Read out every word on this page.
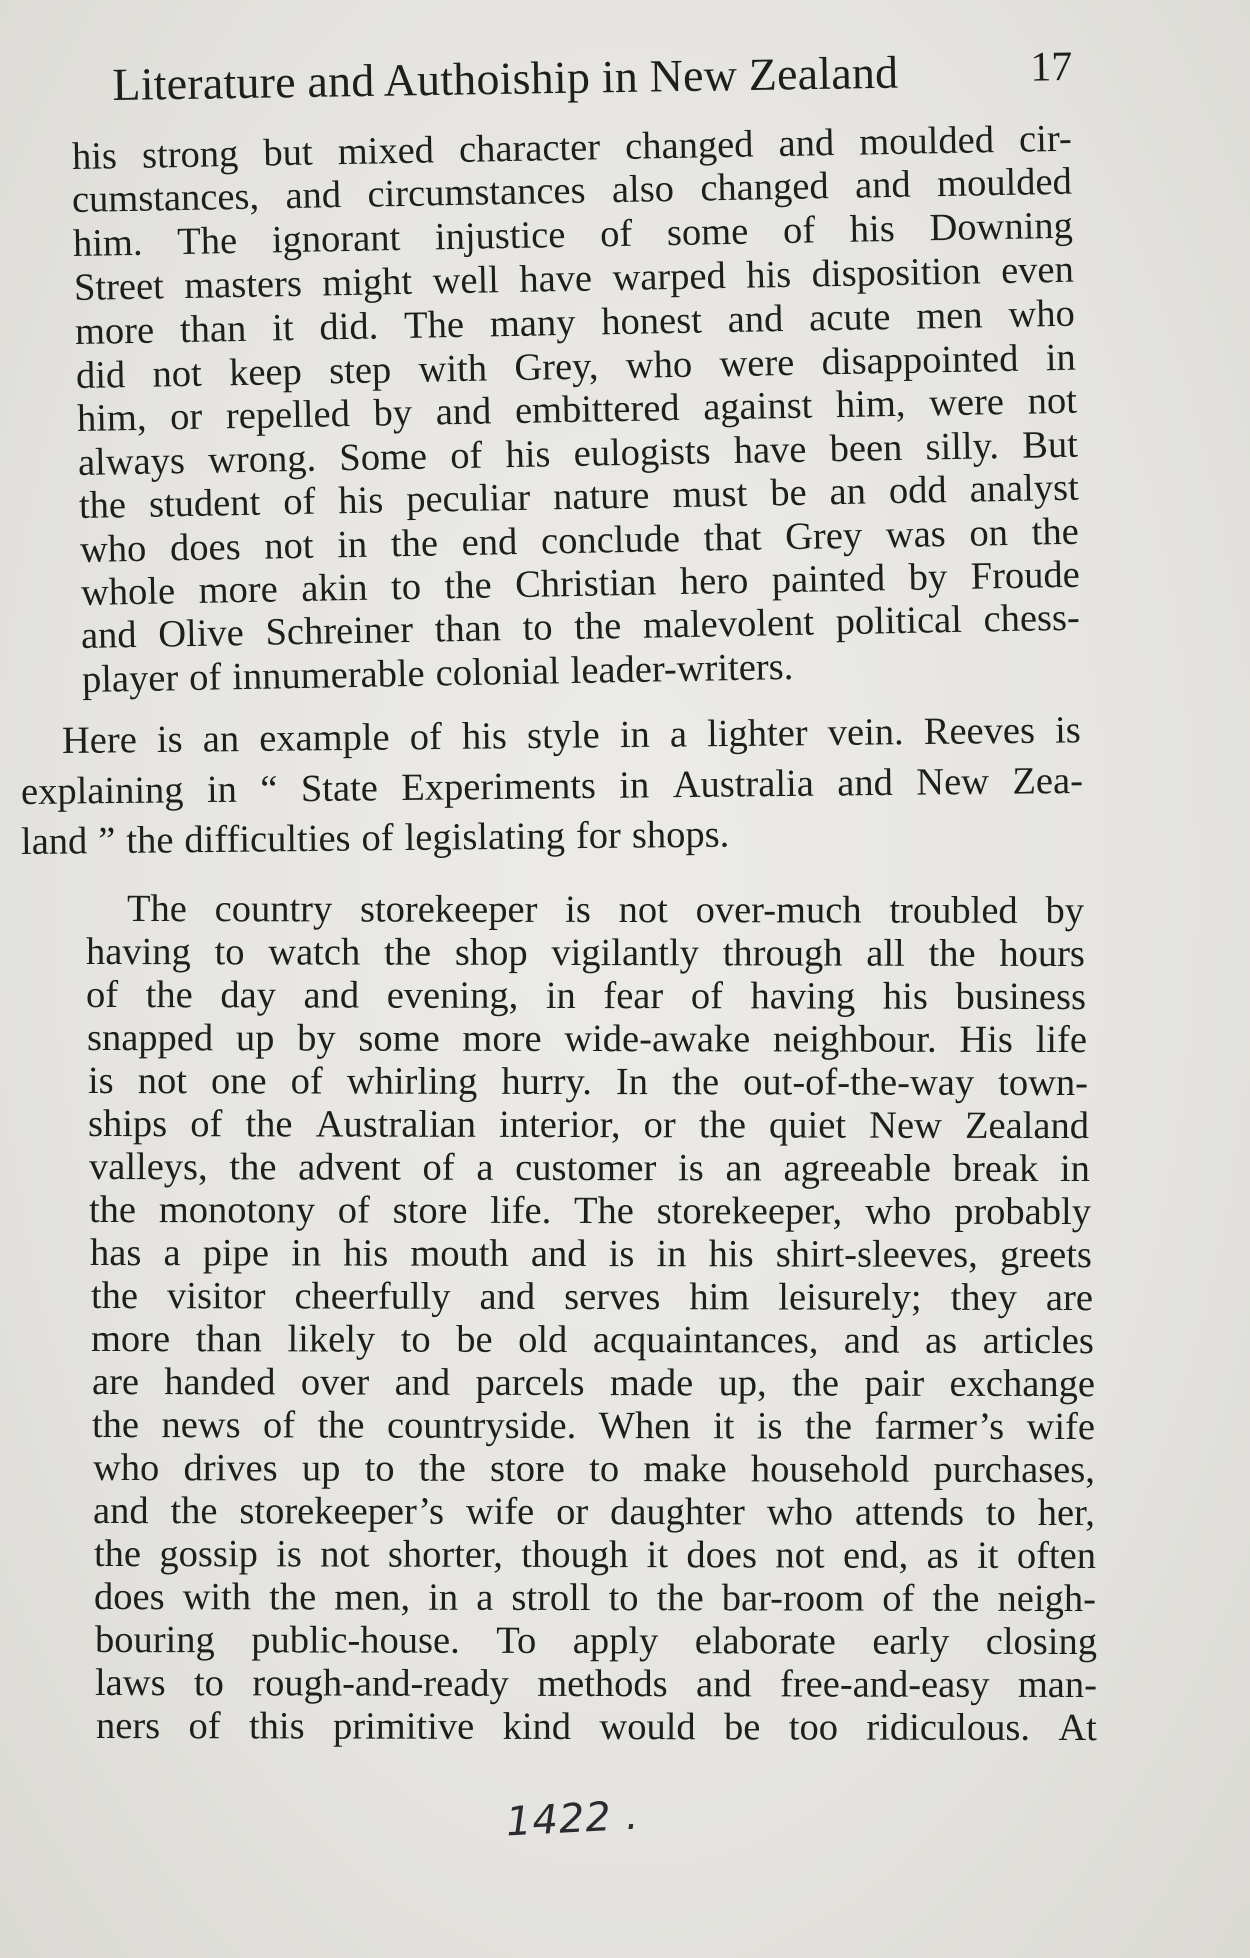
Literature and Authoiship in New Zealand	17
his strong but mixed character changed and moulded cir-
cumstances, and circumstances also changed and moulded
him. The ignorant injustice of some of his Downing
Street masters might well have warped his disposition even
more than it did. The many honest and acute men who
did not keep step with Grey, who were disappointed in
him, or repelled by and embittered against him, were not
always wrong. Some of his eulogists have been silly. But
the student of his peculiar nature must be an odd analyst
who does not in the end conclude that Grey was on the
whole more akin to the Christian hero painted by Froude
and Olive Schreiner than to the malevolent political chess-
player of innumerable colonial leader-writers.
Here is an example of his style in a lighter vein. Reeves is
explaining in “ State Experiments in Australia and New Zea-
land ” the difficulties of legislating for shops.
The country storekeeper is not over-much troubled by
having to watch the shop vigilantly through all the hours
of the day and evening, in fear of having his business
snapped up by some more wide-awake neighbour. His life
is not one of whirling hurry. In the out-of-the-way town-
ships of the Australian interior, or the quiet New Zealand
valleys, the advent of a customer is an agreeable break in
the monotony of store life. The storekeeper, who probably
has a pipe in his mouth and is in his shirt-sleeves, greets
the visitor cheerfully and serves him leisurely; they are
more than likely to be old acquaintances, and as articles
are handed over and parcels made up, the pair exchange
the news of the countryside. When it is the farmer’s wife
who drives up to the store to make household purchases,
and the storekeeper’s wife or daughter who attends to her,
the gossip is not shorter, though it does not end, as it often
does with the men, in a stroll to the bar-room of the neigh-
bouring public-house. To apply elaborate early closing
laws to rough-and-ready methods and free-and-easy man-
ners of this primitive kind would be too ridiculous. At
1422 .
